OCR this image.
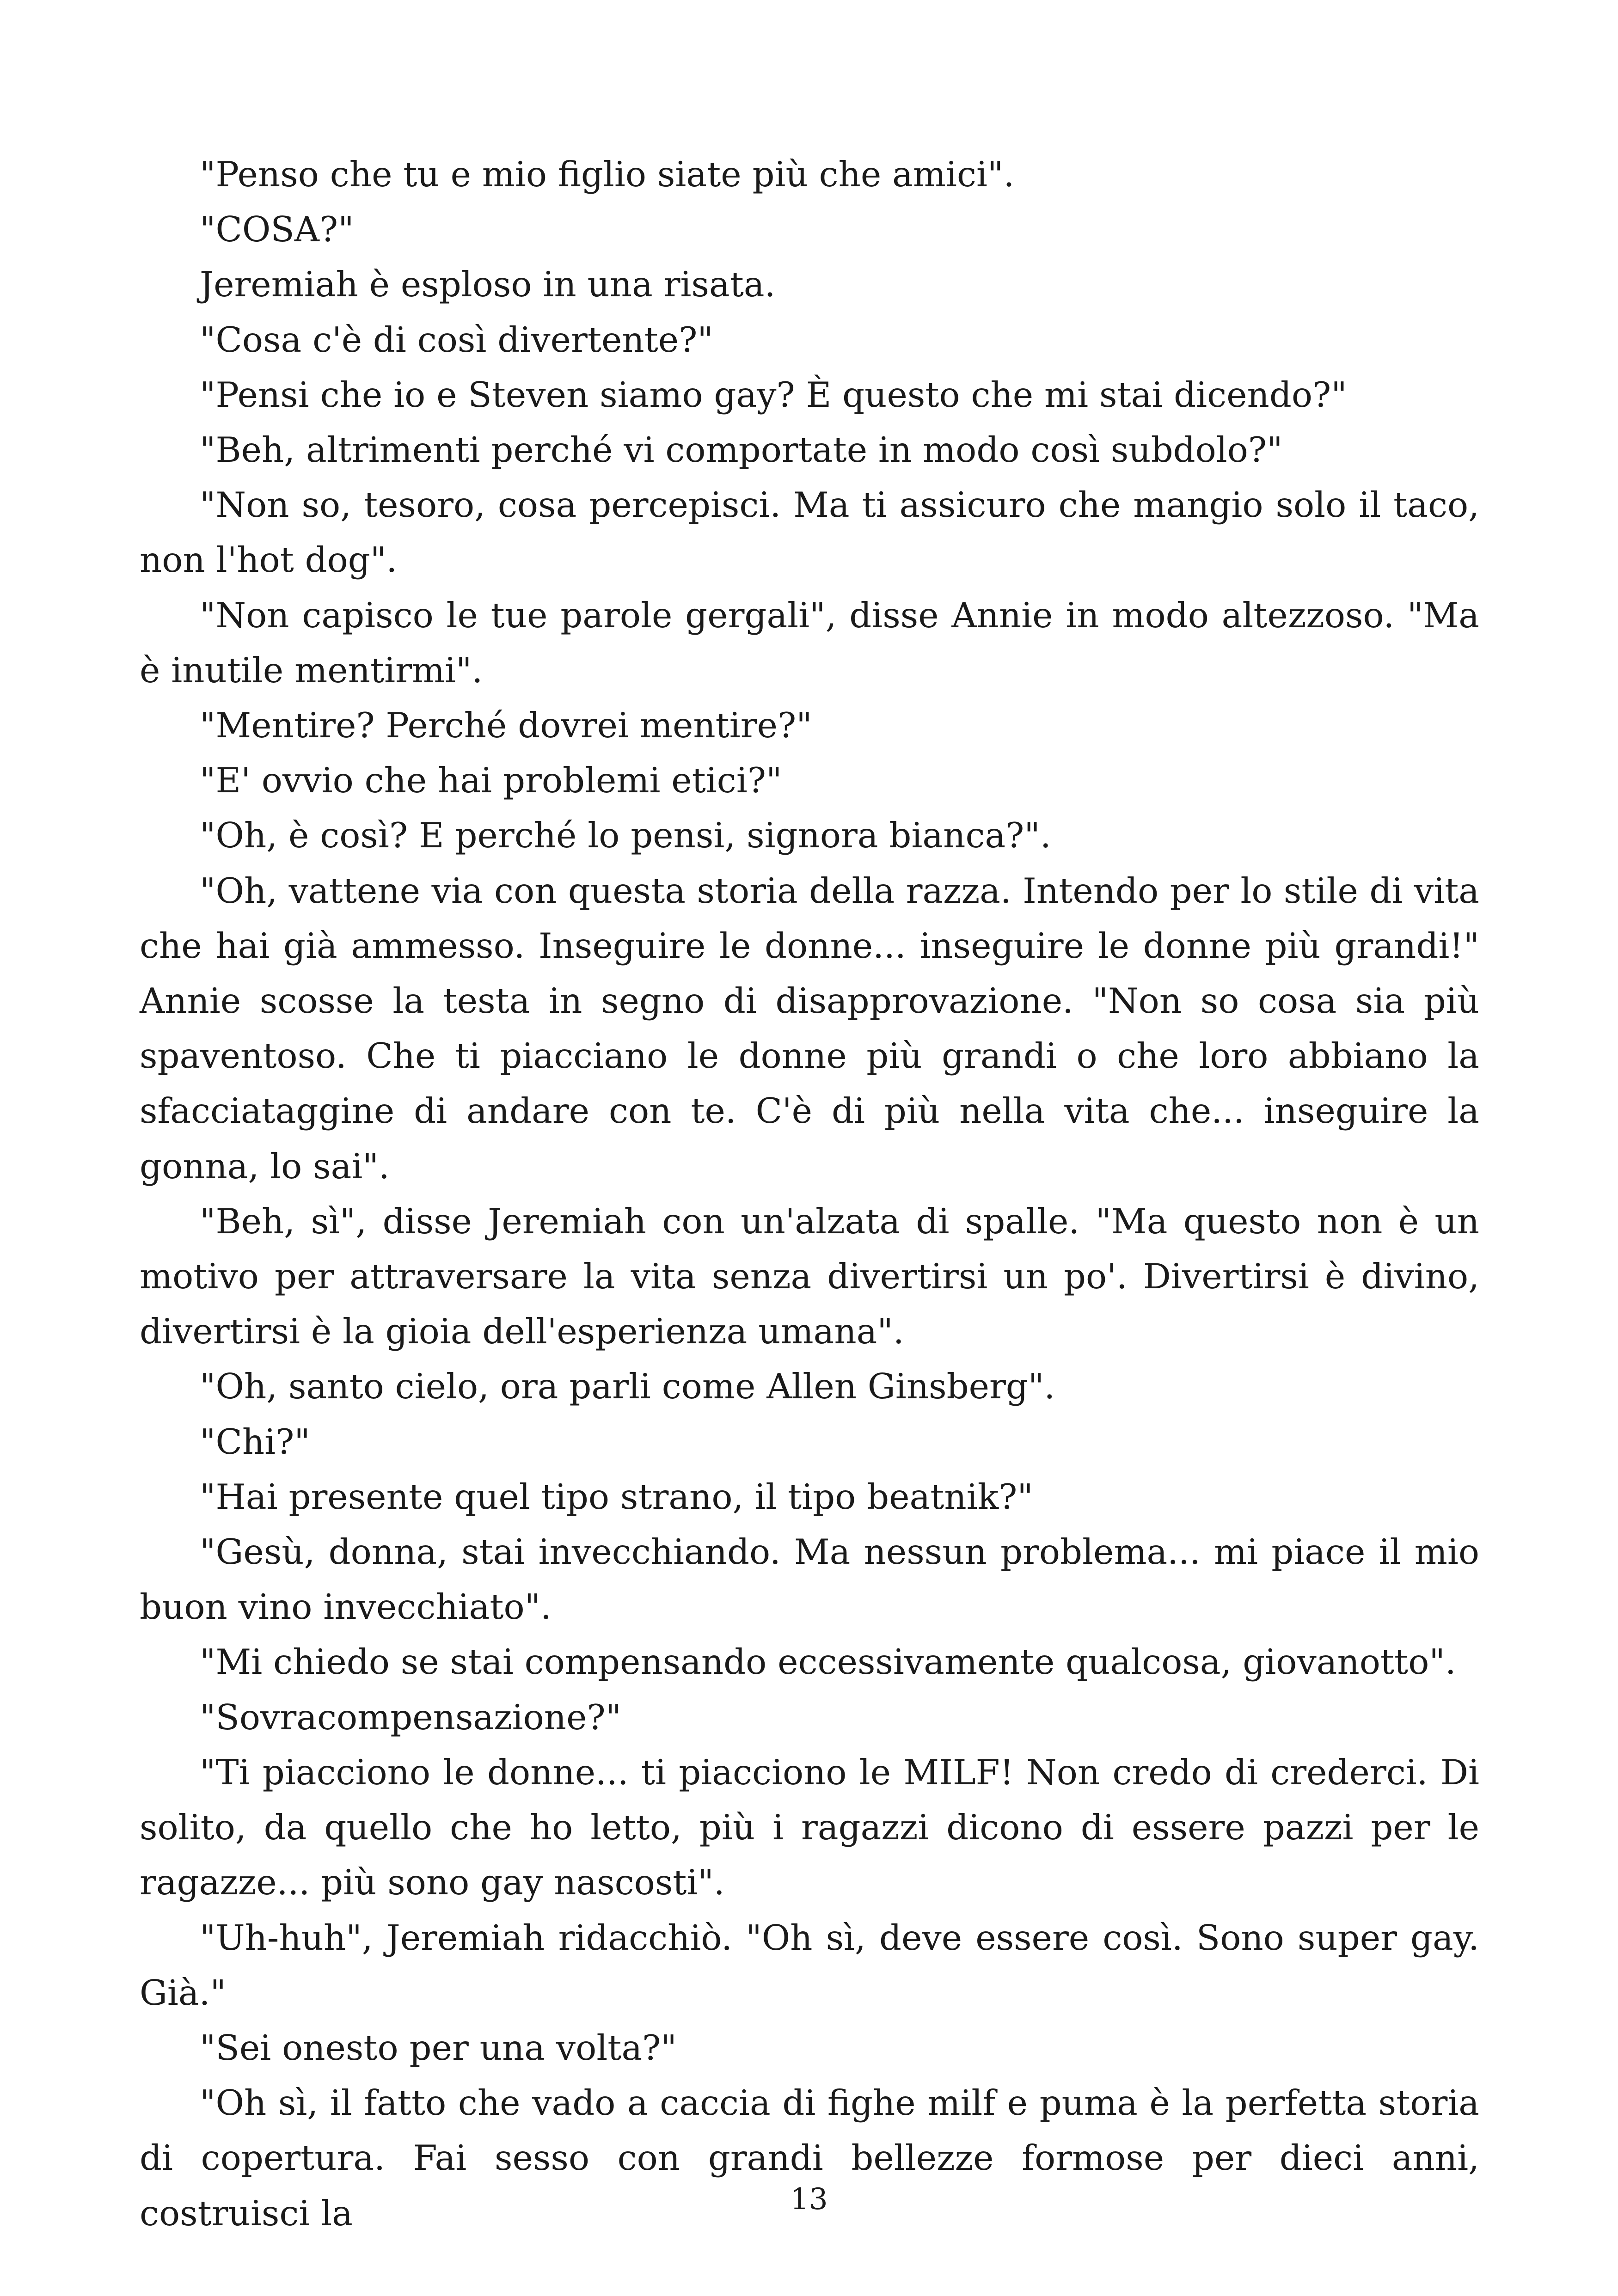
"Penso che tu e mio figlio siate più che amici".

"COSA?"

Jeremiah è esploso in una risata.

"Cosa c'è di così divertente?"

"Pensi che io e Steven siamo gay? È questo che mi stai dicendo?"

"Beh, altrimenti perché vi comportate in modo così subdolo?"

"Non so, tesoro, cosa percepisci. Ma ti assicuro che mangio solo il taco, non l'hot dog".

"Non capisco le tue parole gergali", disse Annie in modo altezzoso. "Ma è inutile mentirmi".

"Mentire? Perché dovrei mentire?"

"E' ovvio che hai problemi etici?"

"Oh, è così? E perché lo pensi, signora bianca?".

"Oh, vattene via con questa storia della razza. Intendo per lo stile di vita che hai già ammesso. Inseguire le donne... inseguire le donne più grandi!" Annie scosse la testa in segno di disapprovazione. "Non so cosa sia più spaventoso. Che ti piacciano le donne più grandi o che loro abbiano la sfacciataggine di andare con te. C'è di più nella vita che... inseguire la gonna, lo sai".

"Beh, sì", disse Jeremiah con un'alzata di spalle. "Ma questo non è un motivo per attraversare la vita senza divertirsi un po'. Divertirsi è divino, divertirsi è la gioia dell'esperienza umana".

"Oh, santo cielo, ora parli come Allen Ginsberg".

"Chi?"

"Hai presente quel tipo strano, il tipo beatnik?"

"Gesù, donna, stai invecchiando. Ma nessun problema... mi piace il mio buon vino invecchiato".

"Mi chiedo se stai compensando eccessivamente qualcosa, giovanotto".

"Sovracompensazione?"

"Ti piacciono le donne... ti piacciono le MILF! Non credo di crederci. Di solito, da quello che ho letto, più i ragazzi dicono di essere pazzi per le ragazze... più sono gay nascosti".

"Uh-huh", Jeremiah ridacchiò. "Oh sì, deve essere così. Sono super gay. Già."

"Sei onesto per una volta?"

"Oh sì, il fatto che vado a caccia di fighe milf e puma è la perfetta storia di copertura. Fai sesso con grandi bellezze formose per dieci anni, costruisci la	13
